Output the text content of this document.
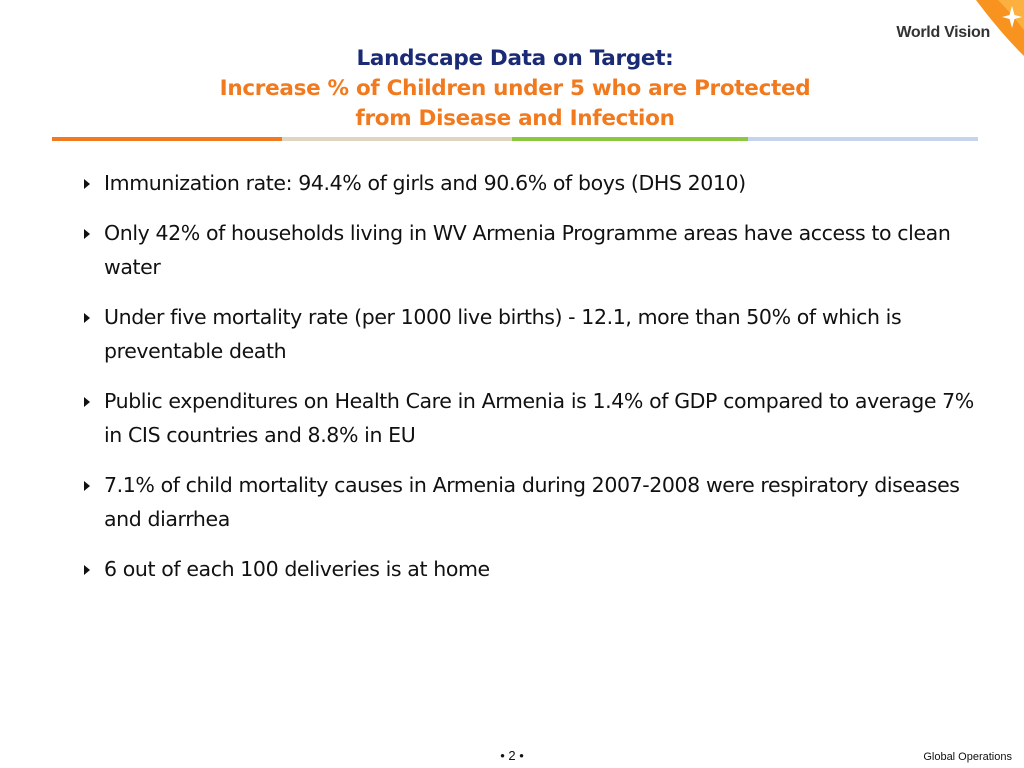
World Vision
Landscape Data on Target:
Increase % of Children under 5 who are Protected
from Disease and Infection
Immunization rate: 94.4% of girls and 90.6% of boys (DHS 2010)
Only 42% of households living in WV Armenia Programme areas have access to clean water
Under five mortality rate (per 1000 live births) - 12.1, more than 50% of which is preventable death
Public expenditures on Health Care in Armenia is 1.4% of GDP compared to average 7% in CIS countries and 8.8% in EU
7.1% of child mortality causes in Armenia during 2007-2008 were respiratory diseases and diarrhea
6 out of each 100 deliveries is at home
• 2 •	Global Operations
